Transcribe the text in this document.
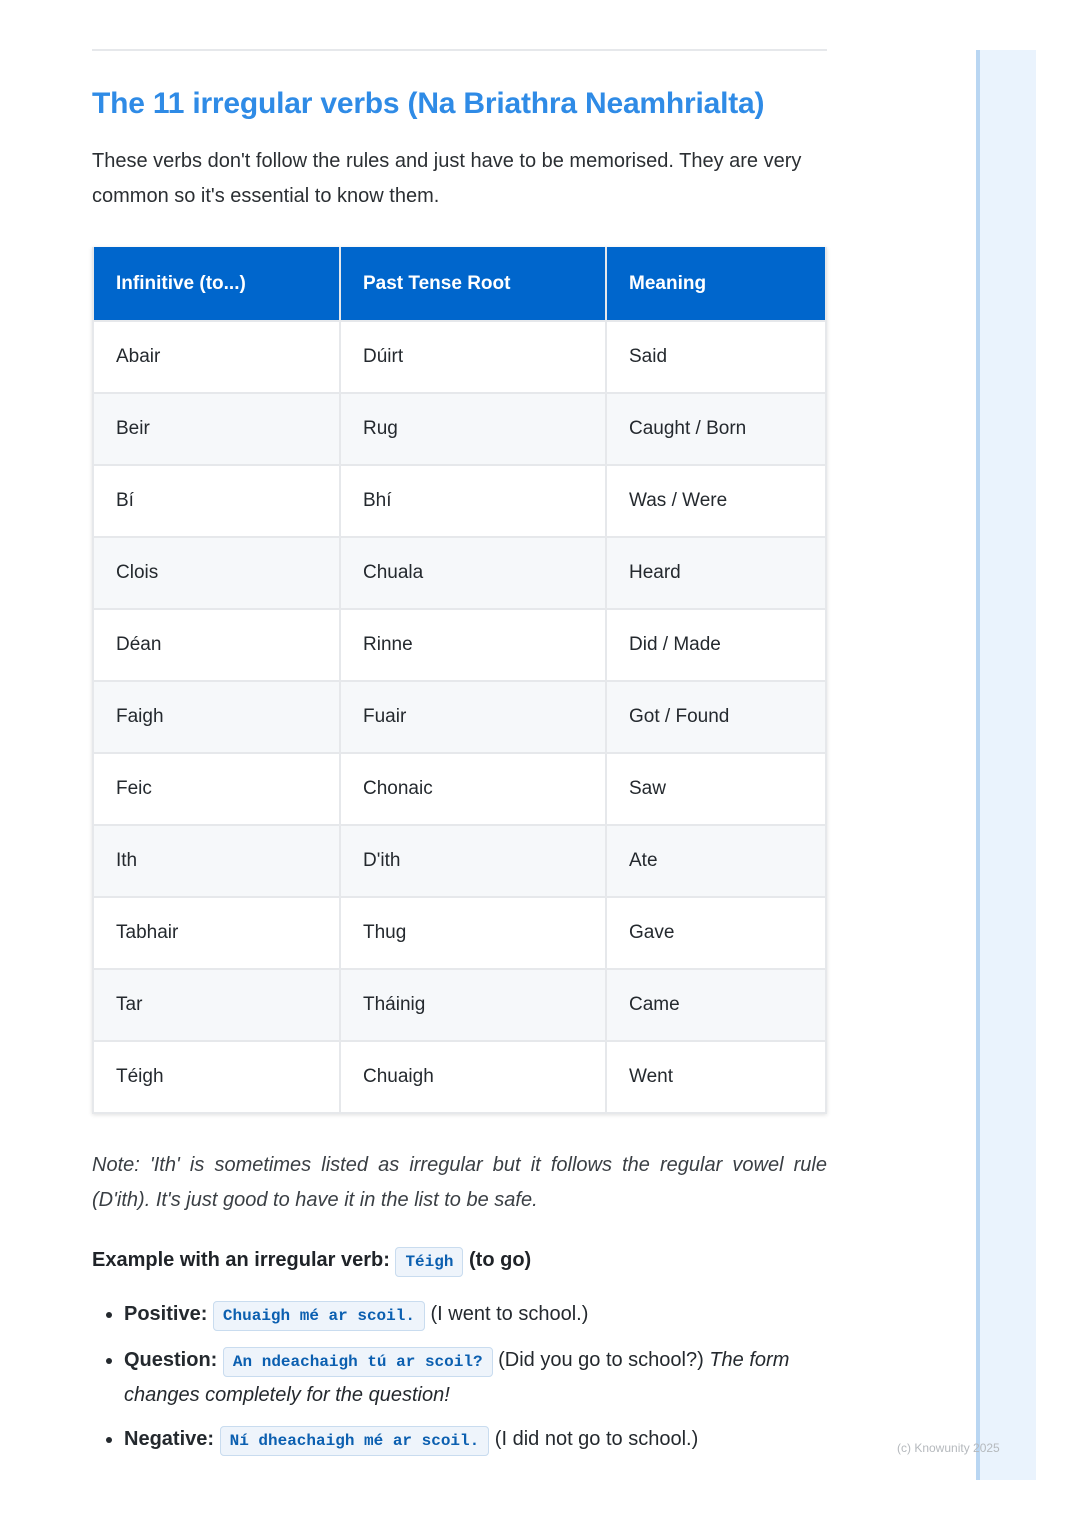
The 11 irregular verbs (Na Briathra Neamhrialta)

These verbs don't follow the rules and just have to be memorised. They are very common so it's essential to know them.

Infinitive (to...)	Past Tense Root	Meaning
Abair	Dúirt	Said
Beir	Rug	Caught / Born
Bí	Bhí	Was / Were
Clois	Chuala	Heard
Déan	Rinne	Did / Made
Faigh	Fuair	Got / Found
Feic	Chonaic	Saw
Ith	D'ith	Ate
Tabhair	Thug	Gave
Tar	Tháinig	Came
Téigh	Chuaigh	Went

Note: 'Ith' is sometimes listed as irregular but it follows the regular vowel rule (D'ith). It's just good to have it in the list to be safe.

Example with an irregular verb: Téigh (to go)

• Positive: Chuaigh mé ar scoil. (I went to school.)
• Question: An ndeachaigh tú ar scoil? (Did you go to school?) The form changes completely for the question!
• Negative: Ní dheachaigh mé ar scoil. (I did not go to school.)	(c) Knowunity 2025
